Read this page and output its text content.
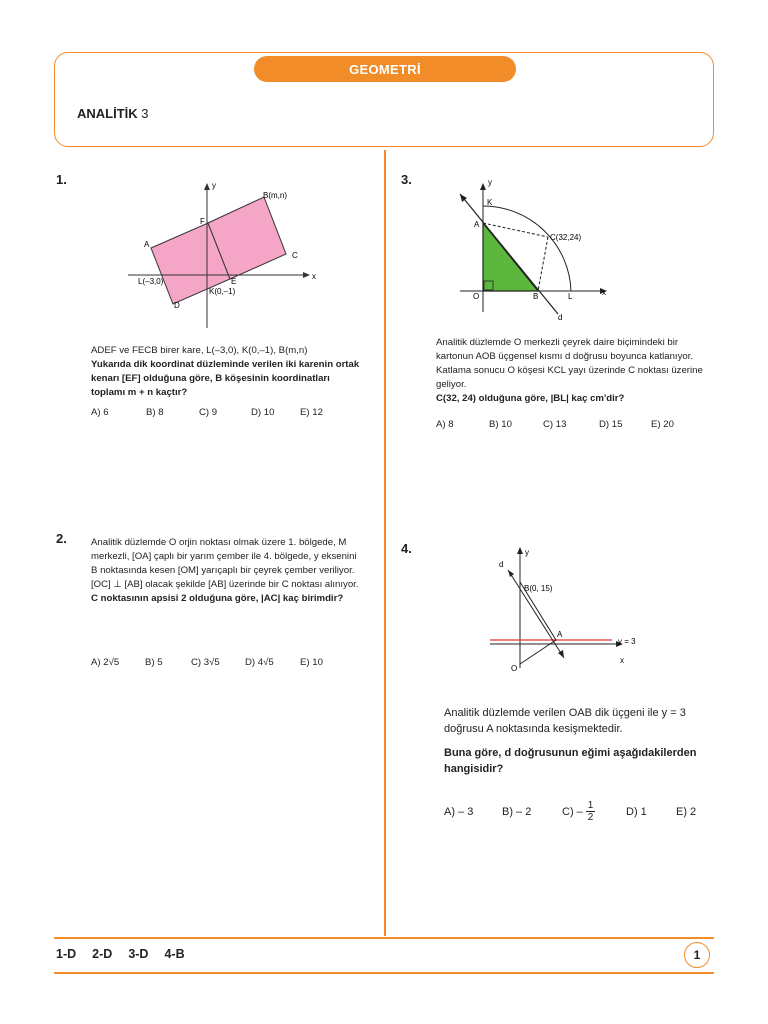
GEOMETRİ
ANALİTİK 3
1.	y
x
B(m,n)
F
A
C
L(–3,0)	E
K(0,–1)
D
ADEF ve FECB birer kare, L(–3,0), K(0,–1), B(m,n)
Yukarıda dik koordinat düzleminde verilen iki karenin ortak kenarı [EF] olduğuna göre, B köşesinin koordinatları toplamı m + n kaçtır?
A) 6	B) 8	C) 9	D) 10	E) 12
2.	Analitik düzlemde O orjin noktası olmak üzere 1. bölgede, M merkezli, [OA] çaplı bir yarım çember ile 4. bölgede, y eksenini B noktasında kesen [OM] yarıçaplı bir çeyrek çember veriliyor.
[OC] ⊥ [AB] olacak şekilde [AB] üzerinde bir C noktası alınıyor.
C noktasının apsisi 2 olduğuna göre, |AC| kaç birimdir?
A) 2√5	B) 5	C) 3√5	D) 4√5	E) 10
3.	y
x
K
A
C(32,24)
O	B	L
d
Analitik düzlemde O merkezli çeyrek daire biçimindeki bir kartonun AOB üçgensel kısmı d doğrusu boyunca katlanıyor. Katlama sonucu O köşesi KCL yayı üzerinde C noktası üzerine geliyor.
C(32, 24) olduğuna göre, |BL| kaç cm'dir?
A) 8	B) 10	C) 13	D) 15	E) 20
4.	y
x
d
B(0, 15)
A
y = 3
O
Analitik düzlemde verilen OAB dik üçgeni ile y = 3 doğrusu A noktasında kesişmektedir.
Buna göre, d doğrusunun eğimi aşağıdakilerden hangisidir?
A) – 3	B) – 2	$C) - \frac{1}{2}$	D) 1	E) 2
1-D 2-D 3-D 4-B	1
